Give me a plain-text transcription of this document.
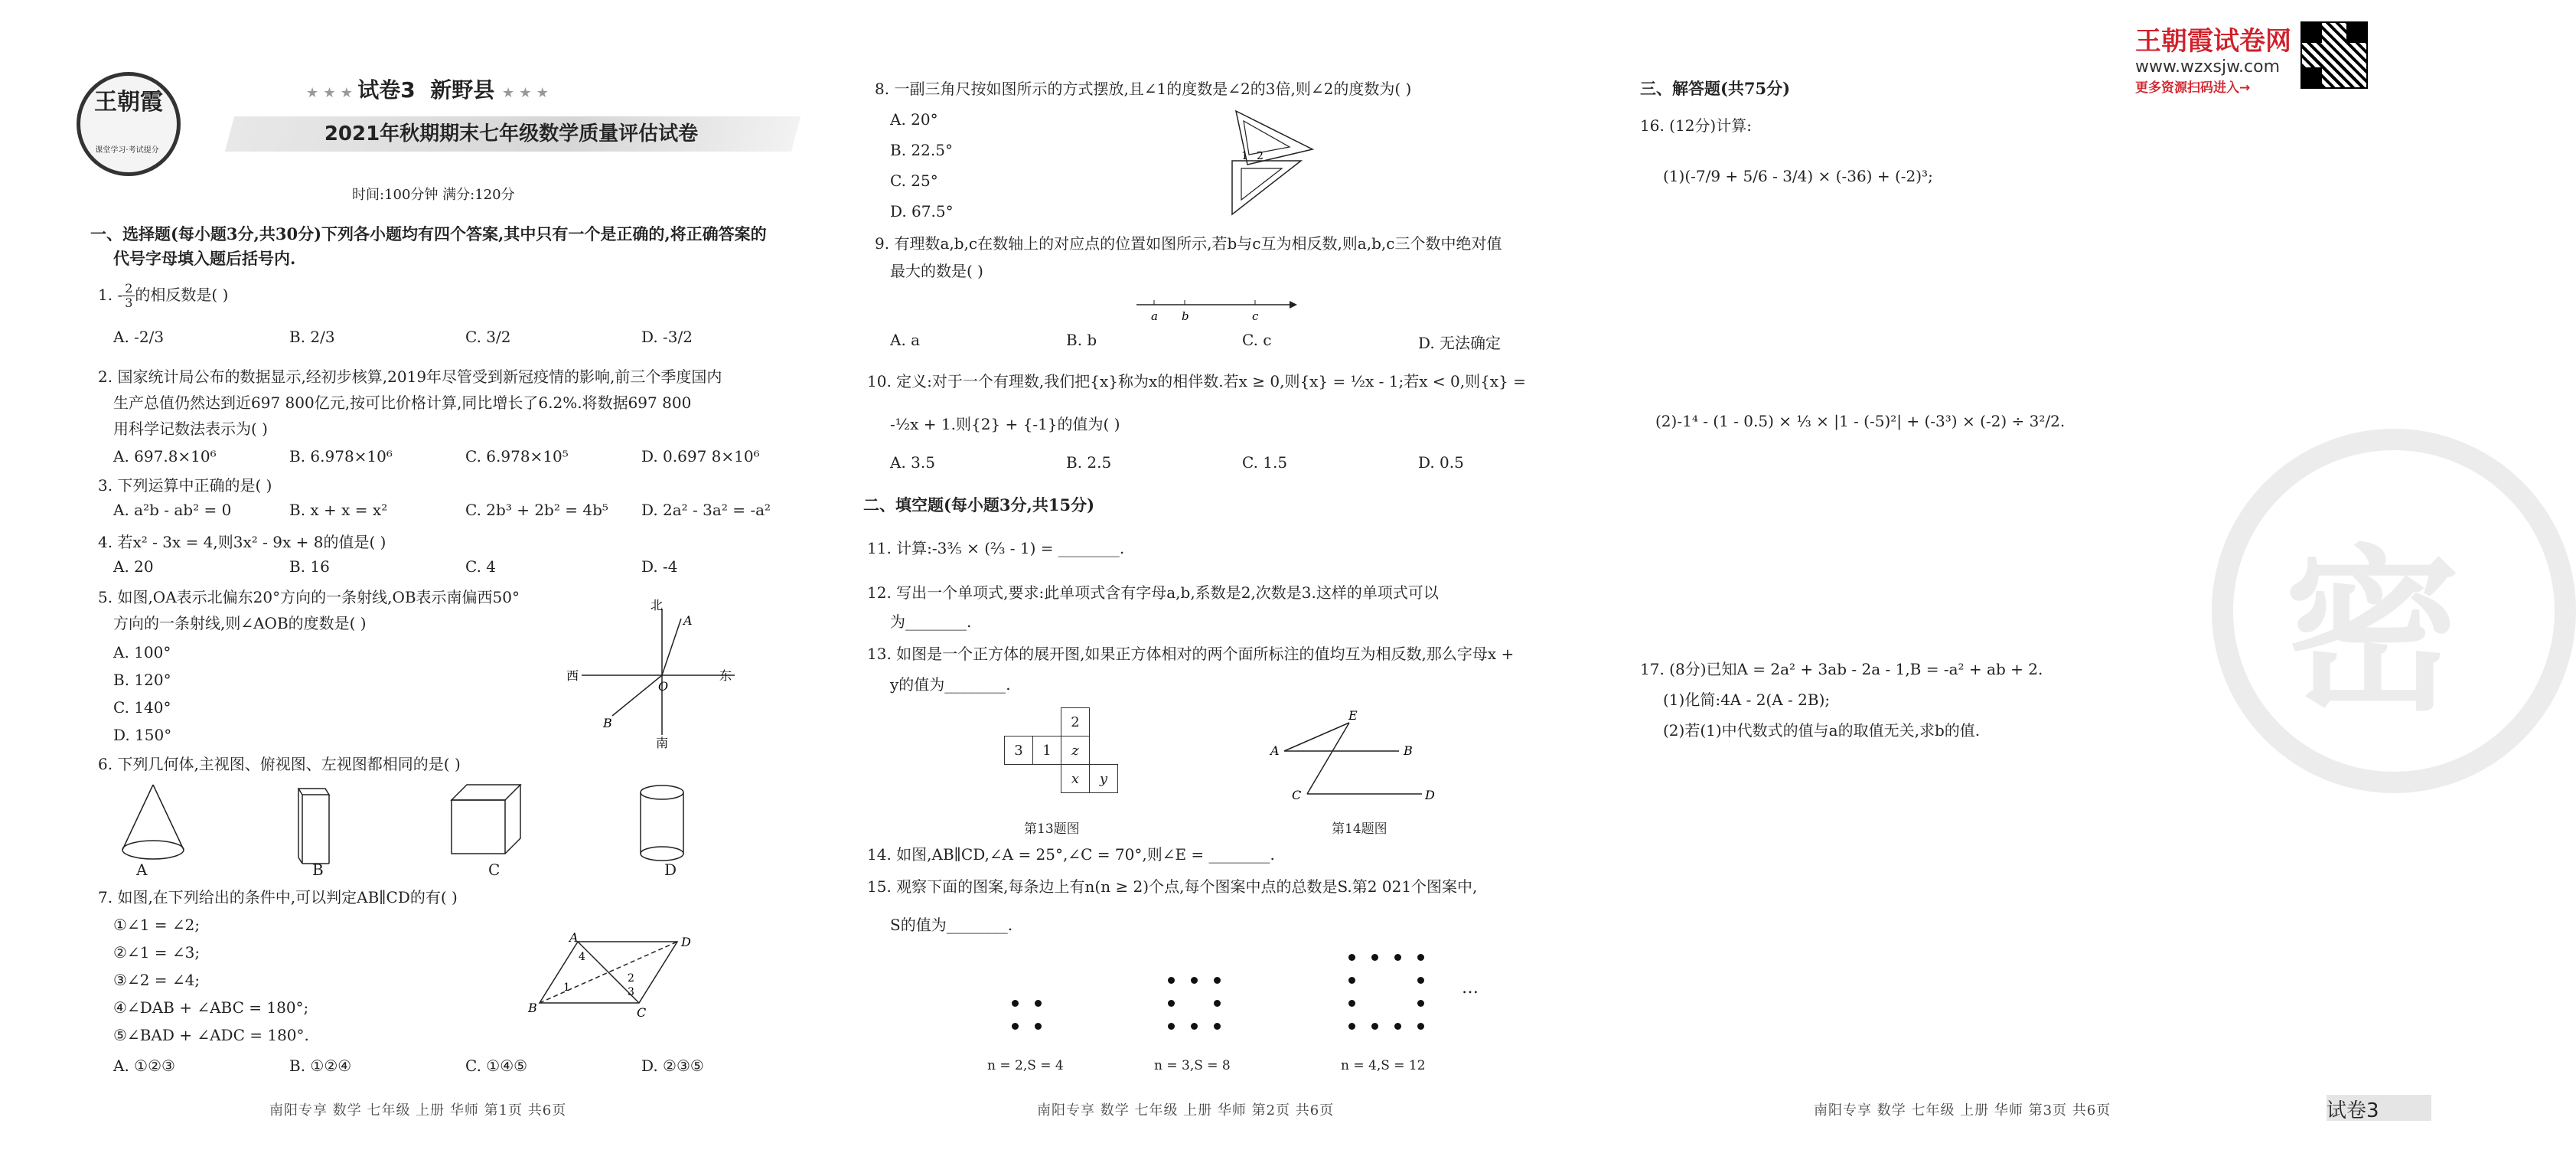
密
王朝霞试卷网
www.wzxsjw.com
更多资源扫码进入→
王朝霞
课堂学习·考试提分
★ ★ ★ 试卷3 新野县 ★ ★ ★
2021年秋期期末七年级数学质量评估试卷
时间:100分钟 满分:120分
一、选择题(每小题3分,共30分)下列各小题均有四个答案,其中只有一个是正确的,将正确答案的
代号字母填入题后括号内.
1. - $\frac{2}{3}$ 的相反数是( )
A. -2/3	B. 2/3	C. 3/2	D. -3/2
2. 国家统计局公布的数据显示,经初步核算,2019年尽管受到新冠疫情的影响,前三个季度国内
生产总值仍然达到近697 800亿元,按可比价格计算,同比增长了6.2%.将数据697 800
用科学记数法表示为( )
A. 697.8×10⁶	B. 6.978×10⁶	C. 6.978×10⁵	D. 0.697 8×10⁶
3. 下列运算中正确的是( )
A. a²b - ab² = 0	B. x + x = x²	C. 2b³ + 2b² = 4b⁵	D. 2a² - 3a² = -a²
4. 若x² - 3x = 4,则3x² - 9x + 8的值是( )
A. 20	B. 16	C. 4	D. -4
5. 如图,OA表示北偏东20°方向的一条射线,OB表示南偏西50°
方向的一条射线,则∠AOB的度数是( )
A. 100°
B. 120°
C. 140°
D. 150°
北
南
西	东
A
B
O
6. 下列几何体,主视图、俯视图、左视图都相同的是( )
A	B	C	D
7. 如图,在下列给出的条件中,可以判定AB∥CD的有( )
①∠1 = ∠2;
②∠1 = ∠3;
③∠2 = ∠4;
④∠DAB + ∠ABC = 180°;
⑤∠BAD + ∠ADC = 180°.
A. ①②③	B. ①②④	C. ①④⑤	D. ②③⑤
A	D
B	C
1
2
3
4
南阳专享 数学 七年级 上册 华师 第1页 共6页
8. 一副三角尺按如图所示的方式摆放,且∠1的度数是∠2的3倍,则∠2的度数为( )
A. 20°
B. 22.5°
C. 25°
D. 67.5°
1 2
9. 有理数a,b,c在数轴上的对应点的位置如图所示,若b与c互为相反数,则a,b,c三个数中绝对值
最大的数是( )
a b	c
A. a	B. b	C. c	D. 无法确定
10. 定义:对于一个有理数,我们把{x}称为x的相伴数.若x ≥ 0,则{x} = ½x - 1;若x < 0,则{x} =
-½x + 1.则{2} + {-1}的值为( )
A. 3.5	B. 2.5	C. 1.5	D. 0.5
二、填空题(每小题3分,共15分)
11. 计算:-3⅗ × (⅔ - 1) = ________.
12. 写出一个单项式,要求:此单项式含有字母a,b,系数是2,次数是3.这样的单项式可以
为________.
13. 如图是一个正方体的展开图,如果正方体相对的两个面所标注的值均互为相反数,那么字母x +
y的值为________.
		2	
3	1	z	
		x	y
第13题图
E
A	B
C	D
第14题图
14. 如图,AB∥CD,∠A = 25°,∠C = 70°,则∠E = ________.
15. 观察下面的图案,每条边上有n(n ≥ 2)个点,每个图案中点的总数是S.第2 021个图案中,
S的值为________.
n = 2,S = 4	n = 3,S = 8	n = 4,S = 12
…
南阳专享 数学 七年级 上册 华师 第2页 共6页
三、解答题(共75分)
16. (12分)计算:
(1)(-7/9 + 5/6 - 3/4) × (-36) + (-2)³;
(2)-1⁴ - (1 - 0.5) × ⅓ × |1 - (-5)²| + (-3³) × (-2) ÷ 3²/2.
17. (8分)已知A = 2a² + 3ab - 2a - 1,B = -a² + ab + 2.
(1)化简:4A - 2(A - 2B);
(2)若(1)中代数式的值与a的取值无关,求b的值.
南阳专享 数学 七年级 上册 华师 第3页 共6页	试卷3
